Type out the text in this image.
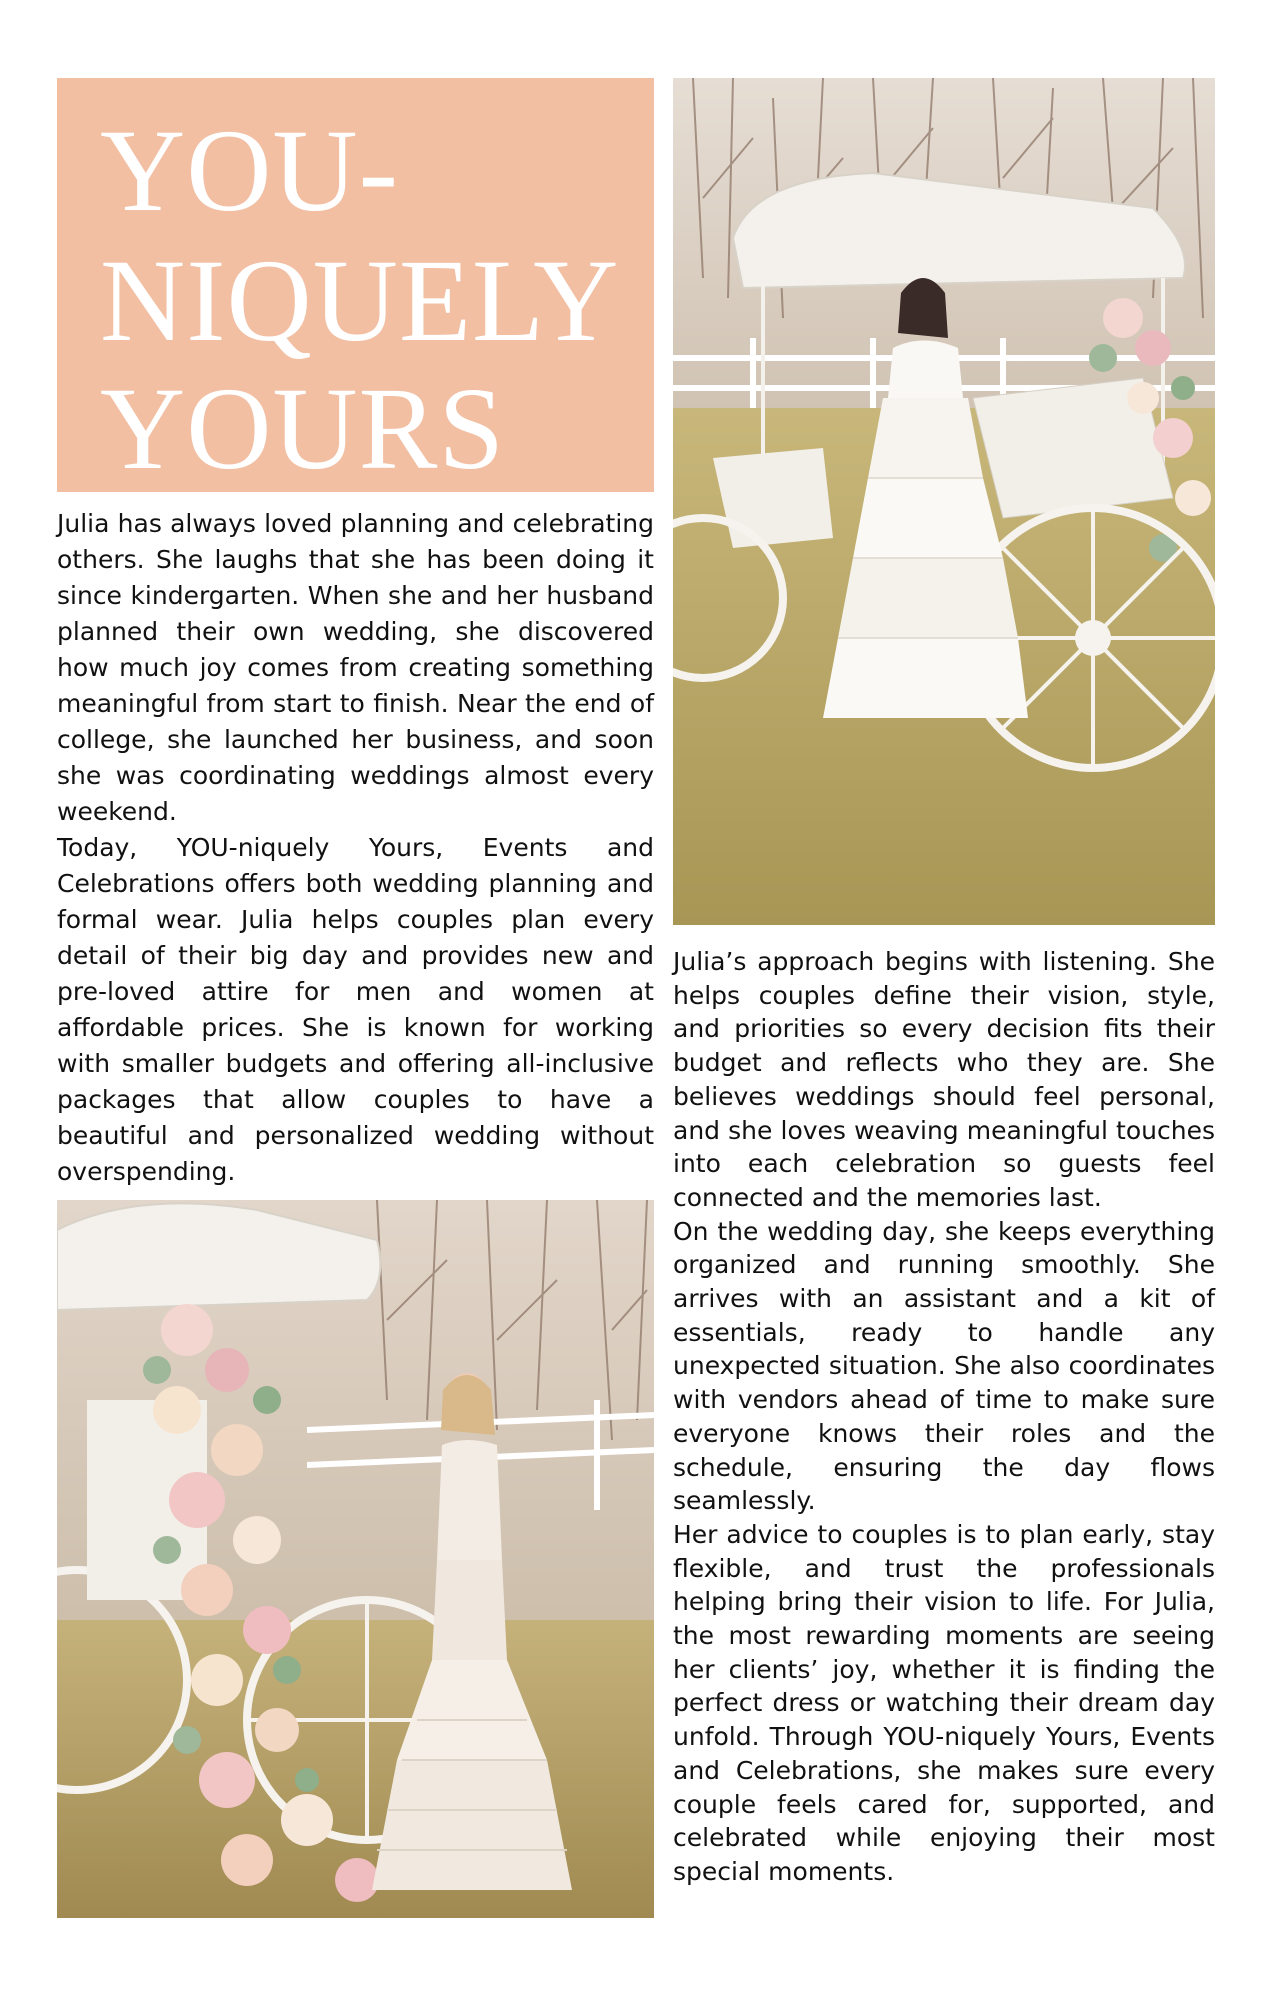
YOU-
NIQUELY
YOURS

Julia has always loved planning and celebrating others. She laughs that she has been doing it since kindergarten. When she and her husband planned their own wedding, she discovered how much joy comes from creating something meaningful from start to finish. Near the end of college, she launched her business, and soon she was coordinating weddings almost every weekend.

Today, YOU-niquely Yours, Events and Celebrations offers both wedding planning and formal wear. Julia helps couples plan every detail of their big day and provides new and pre-loved attire for men and women at affordable prices. She is known for working with smaller budgets and offering all-inclusive packages that allow couples to have a beautiful and personalized wedding without overspending.

Julia’s approach begins with listening. She helps couples define their vision, style, and priorities so every decision fits their budget and reflects who they are. She believes weddings should feel personal, and she loves weaving meaningful touches into each celebration so guests feel connected and the memories last.

On the wedding day, she keeps everything organized and running smoothly. She arrives with an assistant and a kit of essentials, ready to handle any unexpected situation. She also coordinates with vendors ahead of time to make sure everyone knows their roles and the schedule, ensuring the day flows seamlessly.

Her advice to couples is to plan early, stay flexible, and trust the professionals helping bring their vision to life. For Julia, the most rewarding moments are seeing her clients’ joy, whether it is finding the perfect dress or watching their dream day unfold. Through YOU-niquely Yours, Events and Celebrations, she makes sure every couple feels cared for, supported, and celebrated while enjoying their most special moments.
